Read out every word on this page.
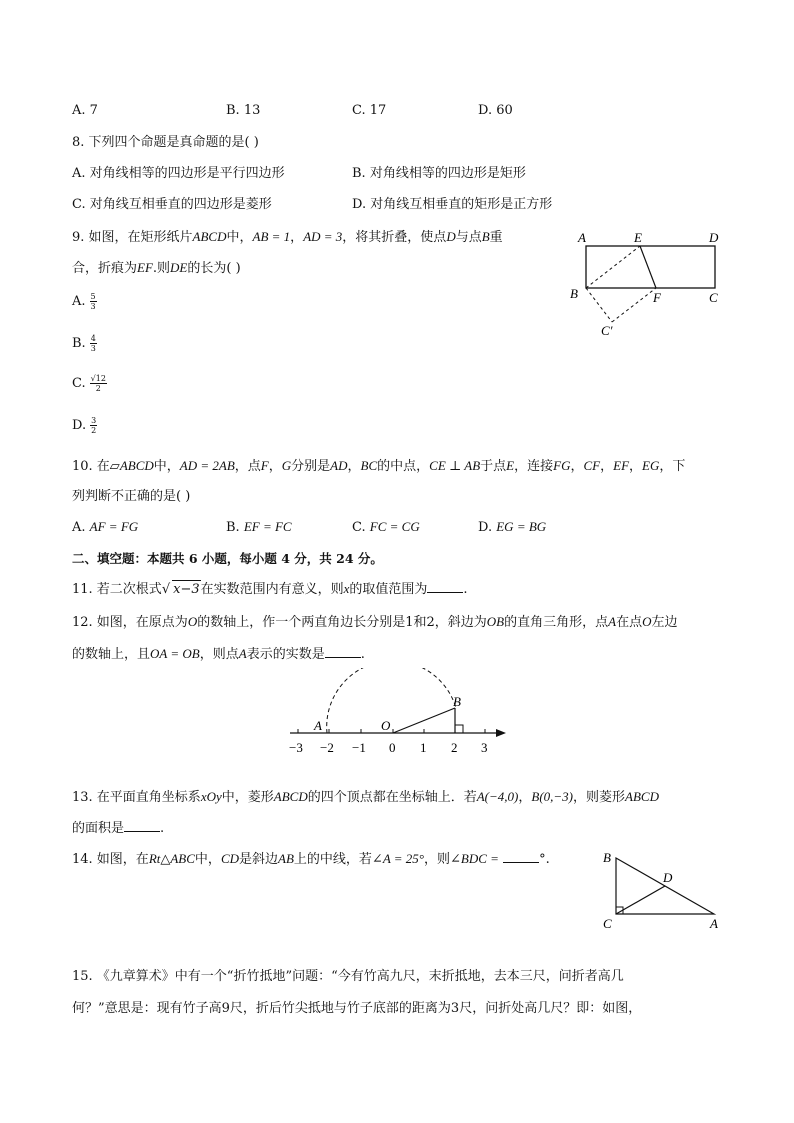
A. 7	B. 13	C. 17	D. 60
8. 下列四个命题是真命题的是( )
A. 对角线相等的四边形是平行四边形	B. 对角线相等的四边形是矩形
C. 对角线互相垂直的四边形是菱形	D. 对角线互相垂直的矩形是正方形
9. 如图，在矩形纸片ABCD中，AB = 1，AD = 3，将其折叠，使点D与点B重
合，折痕为EF.则DE的长为( )
A. $\frac{5}{3}$
B. $\frac{4}{3}$
C. $\frac{√12}{2}$
D. $\frac{3}{2}$
A	E	D
B	F	C
C′
10. 在▱ABCD中，AD = 2AB，点F，G分别是AD，BC的中点，CE ⊥ AB于点E，连接FG，CF，EF，EG，下
列判断不正确的是( )
A. AF = FG	B. EF = FC	C. FC = CG	D. EG = BG
二、填空题：本题共 6 小题，每小题 4 分，共 24 分。
11. 若二次根式√ x−3在实数范围内有意义，则x的取值范围为	.
12. 如图，在原点为O的数轴上，作一个两直角边长分别是1和2，斜边为OB的直角三角形，点A在点O左边
的数轴上，且OA = OB，则点A表示的实数是	.
A	O
B
−3 −2 −1 0 1 2 3
13. 在平面直角坐标系xOy中，菱形ABCD的四个顶点都在坐标轴上．若A(−4,0)，B(0,−3)，则菱形ABCD
的面积是	.
14. 如图，在Rt△ABC中，CD是斜边AB上的中线，若∠A = 25°，则∠BDC =	°.	B
D
C	A
15. 《九章算术》中有一个“折竹抵地”问题：“今有竹高九尺，末折抵地，去本三尺，问折者高几
何？”意思是：现有竹子高9尺，折后竹尖抵地与竹子底部的距离为3尺，问折处高几尺？即：如图，
